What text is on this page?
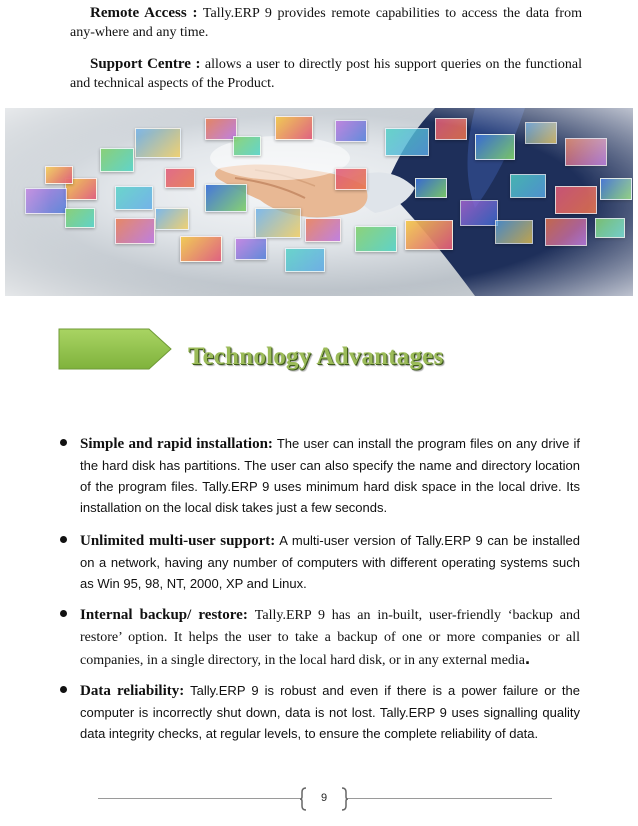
Remote Access : Tally.ERP 9 provides remote capabilities to access the data from any-where and any time.

Support Centre : allows a user to directly post his support queries on the functional and technical aspects of the Product.

Technology Advantages
Simple and rapid installation: The user can install the program files on any drive if the hard disk has partitions. The user can also specify the name and directory location of the program files. Tally.ERP 9 uses minimum hard disk space in the local drive. Its installation on the local disk takes just a few seconds.
Unlimited multi-user support: A multi-user version of Tally.ERP 9 can be installed on a network, having any number of computers with different operating systems such as Win 95, 98, NT, 2000, XP and Linux.
Internal backup/ restore: Tally.ERP 9 has an in-built, user-friendly ‘backup and restore’ option. It helps the user to take a backup of one or more companies or all companies, in a single directory, in the local hard disk, or in any external media.
Data reliability: Tally.ERP 9 is robust and even if there is a power failure or the computer is incorrectly shut down, data is not lost. Tally.ERP 9 uses signalling quality data integrity checks, at regular levels, to ensure the complete reliability of data.
9
